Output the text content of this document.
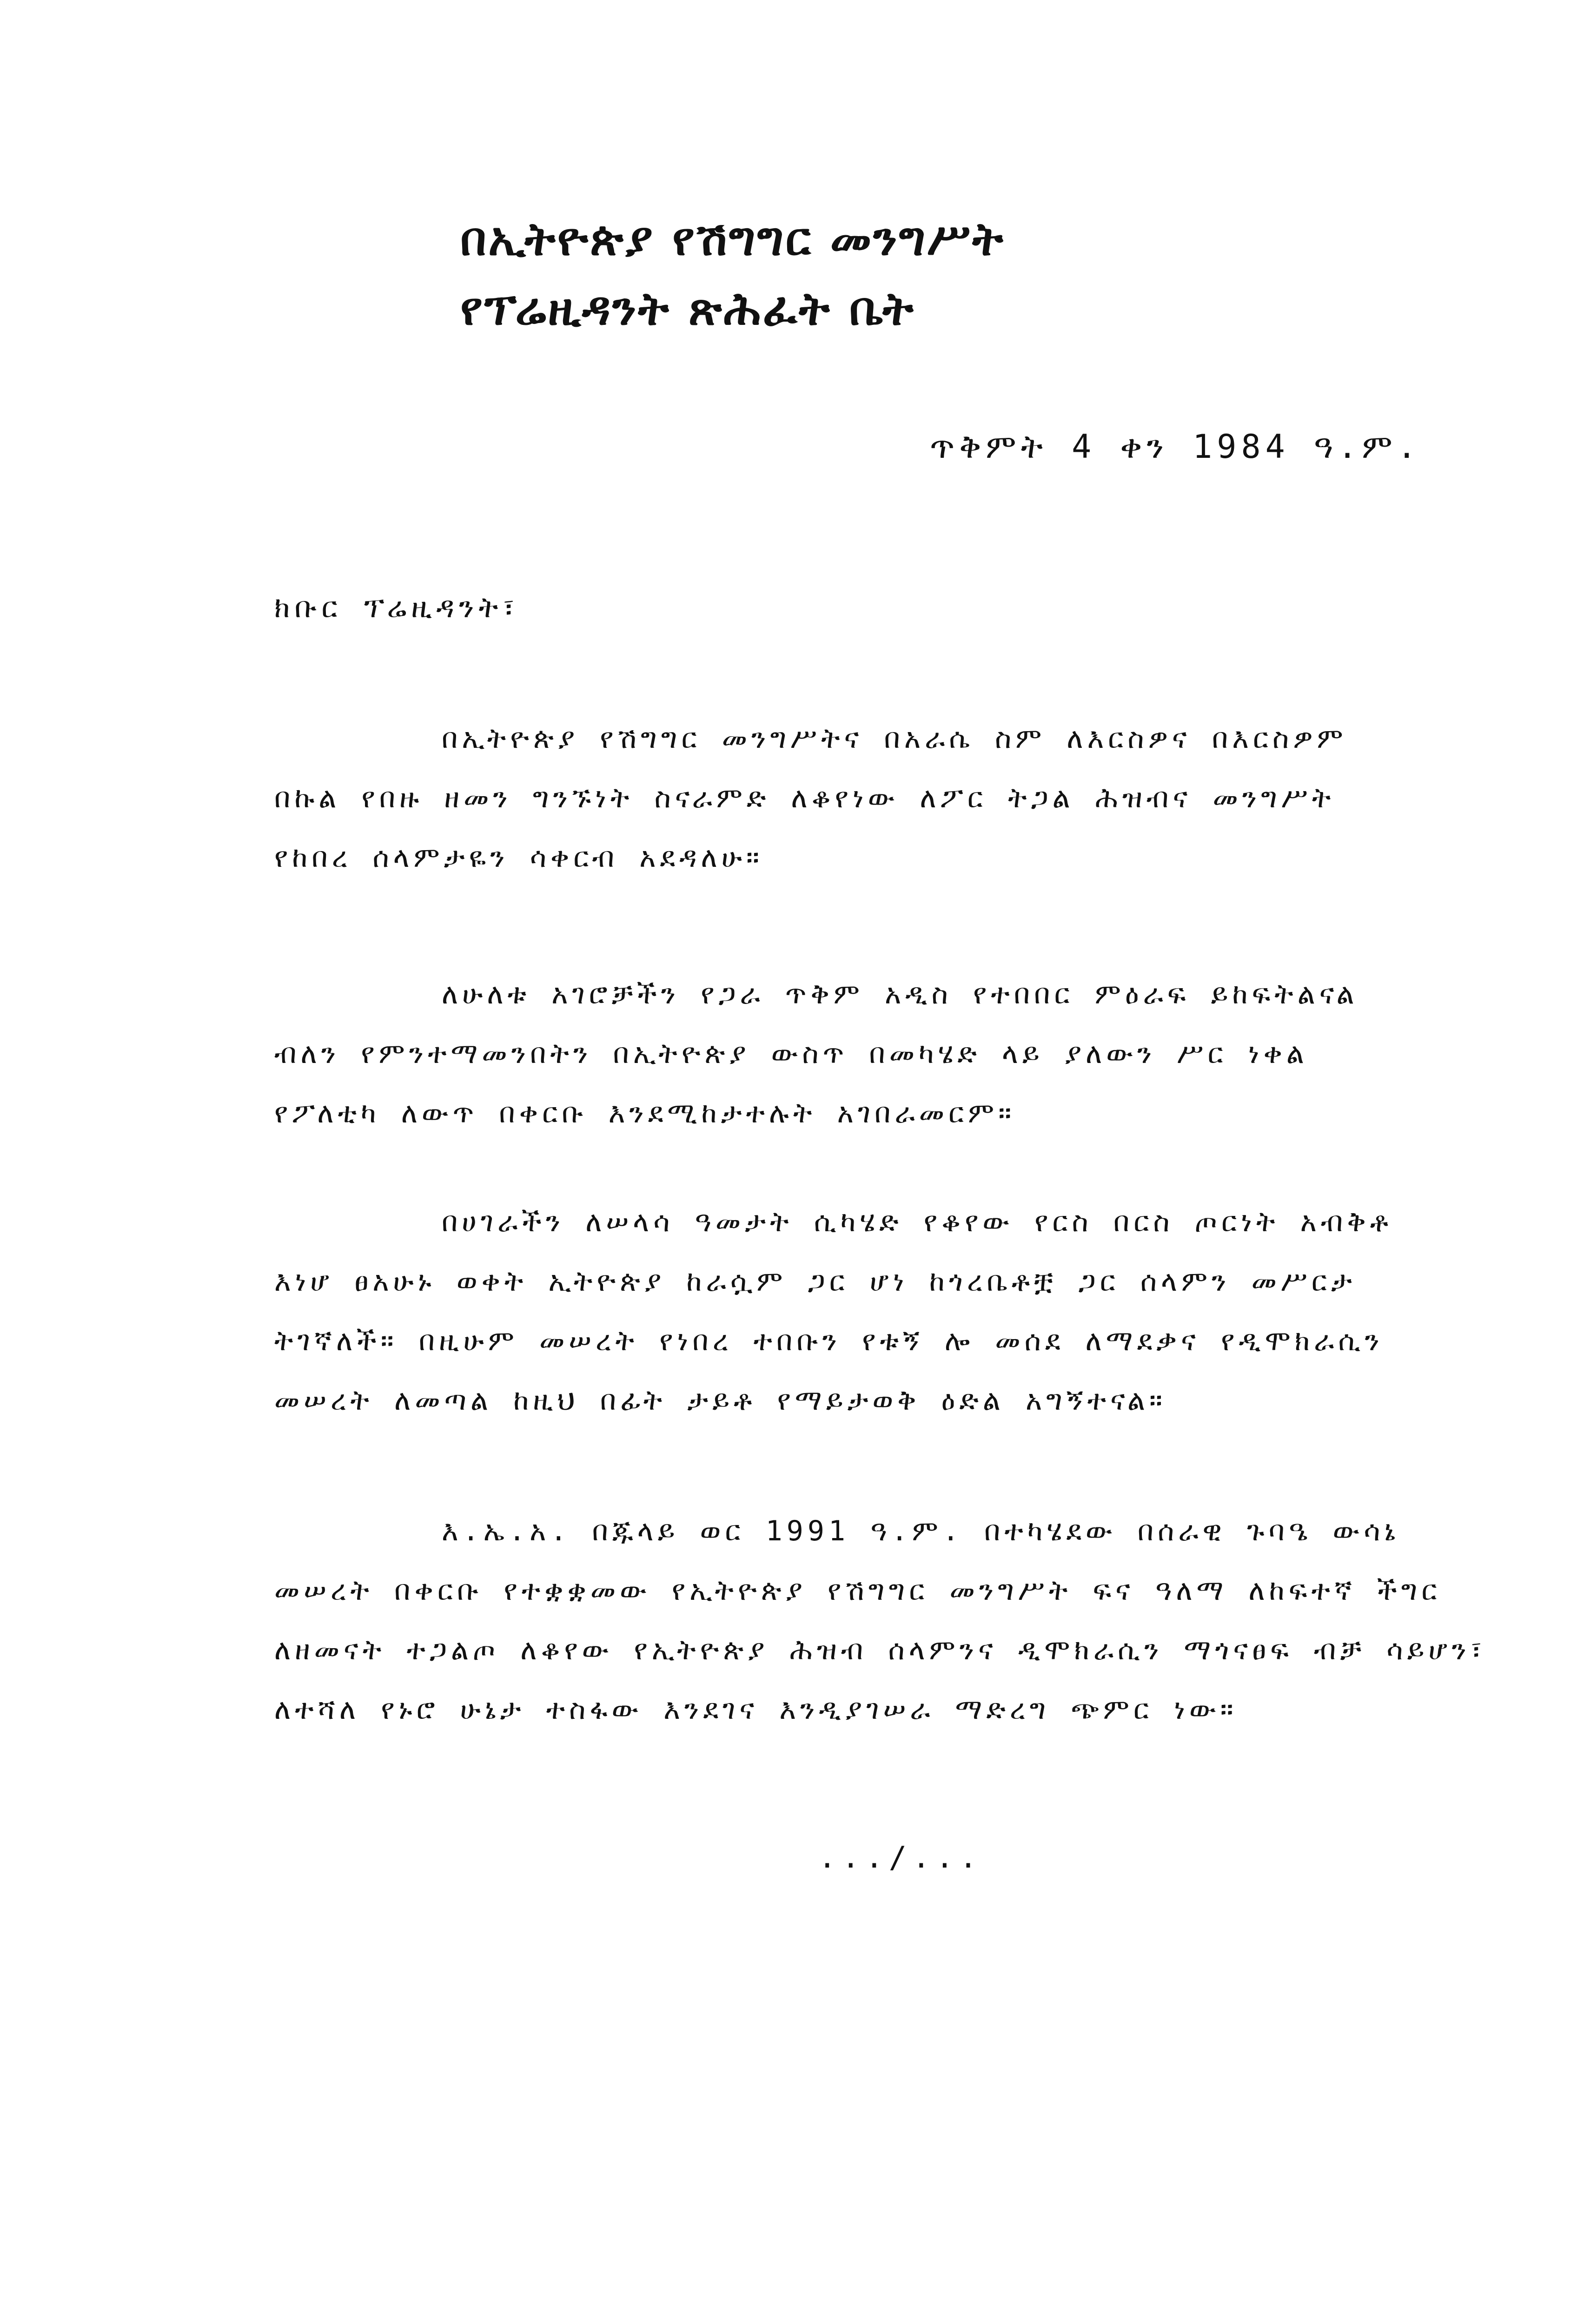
በኢትዮጵያ የሽግግር መንግሥት
የፕሬዚዳንት ጽሕፈት ቤት
ጥቅምት 4 ቀን 1984 ዓ.ም.
ክቡር ፕሬዚዳንት፣
በኢትዮጵያ የሽግግር መንግሥትና በአራሴ ስም ለእርስዎና በእርስዎም
በኩል የበዙ ዘመን ግንኙነት ስናራምድ ለቆየነው ለፖር ትጋል ሕዝብና መንግሥት
የከበረ ሰላምታዬን ሳቀርብ አደዳለሁ።
ለሁለቱ አገሮቻችን የጋራ ጥቅም አዲስ የተበበር ምዕራፍ ይከፍትልናል
ብለን የምንተማመንበትን በኢትዮጵያ ውስጥ በመካሄድ ላይ ያለውን ሥር ነቀል
የፖለቲካ ለውጥ በቀርቡ እንደሚከታተሉት አገበራመርም።
በሀገራችን ለሠላሳ ዓመታት ሲካሄድ የቆየው የርስ በርስ ጦርነት አብቅቶ
እነሆ ፀአሁኑ ወቀት ኢትዮጵያ ከራሷም ጋር ሆነ ከጎረቤቶቿ ጋር ሰላምን መሥርታ
ትገኛለች። በዚሁም መሠረት የነበረ ተበቡን የቱኝ ሎ መሰደ ለማደቃና የዲሞክራሲን
መሠረት ለመጣል ከዚህ በፊት ታይቶ የማይታወቅ ዕድል አግኝተናል።
እ.ኤ.አ. በጁላይ ወር 1991 ዓ.ም. በተካሄደው በሰራዊ ጉባዔ ውሳኔ
መሠረት በቀርቡ የተቋቋመው የኢትዮጵያ የሽግግር መንግሥት ፍና ዓለማ ለከፍተኛ ችግር
ለዘመናት ተጋልጦ ለቆየው የኢትዮጵያ ሕዝብ ሰላምንና ዲሞክራሲን ማጎናፀፍ ብቻ ሳይሆን፣
ለተሻለ የኑሮ ሁኔታ ተስፋው እንደገና እንዲያገሠራ ማድረግ ጭምር ነው።
.../...
